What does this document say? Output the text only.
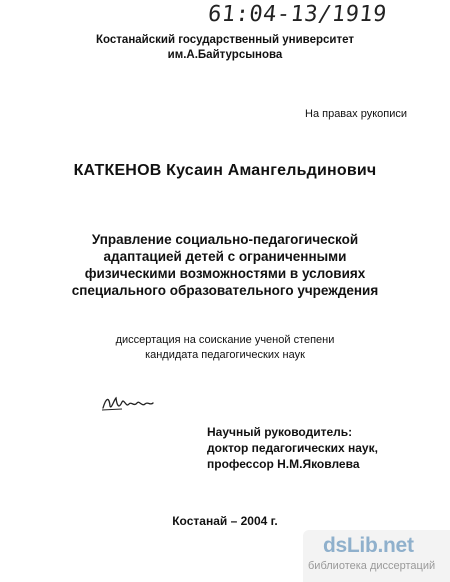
61:04-13/1919
Костанайский государственный университет
им.А.Байтурсынова
На правах рукописи
КАТКЕНОВ Кусаин Амангельдинович
Управление социально-педагогической
адаптацией детей с ограниченными
физическими возможностями в условиях
специального образовательного учреждения
диссертация на соискание ученой степени
кандидата педагогических наук
Научный руководитель:
доктор педагогических наук,
профессор Н.М.Яковлева
Костанай – 2004 г.
dsLib.net
библиотека диссертаций
